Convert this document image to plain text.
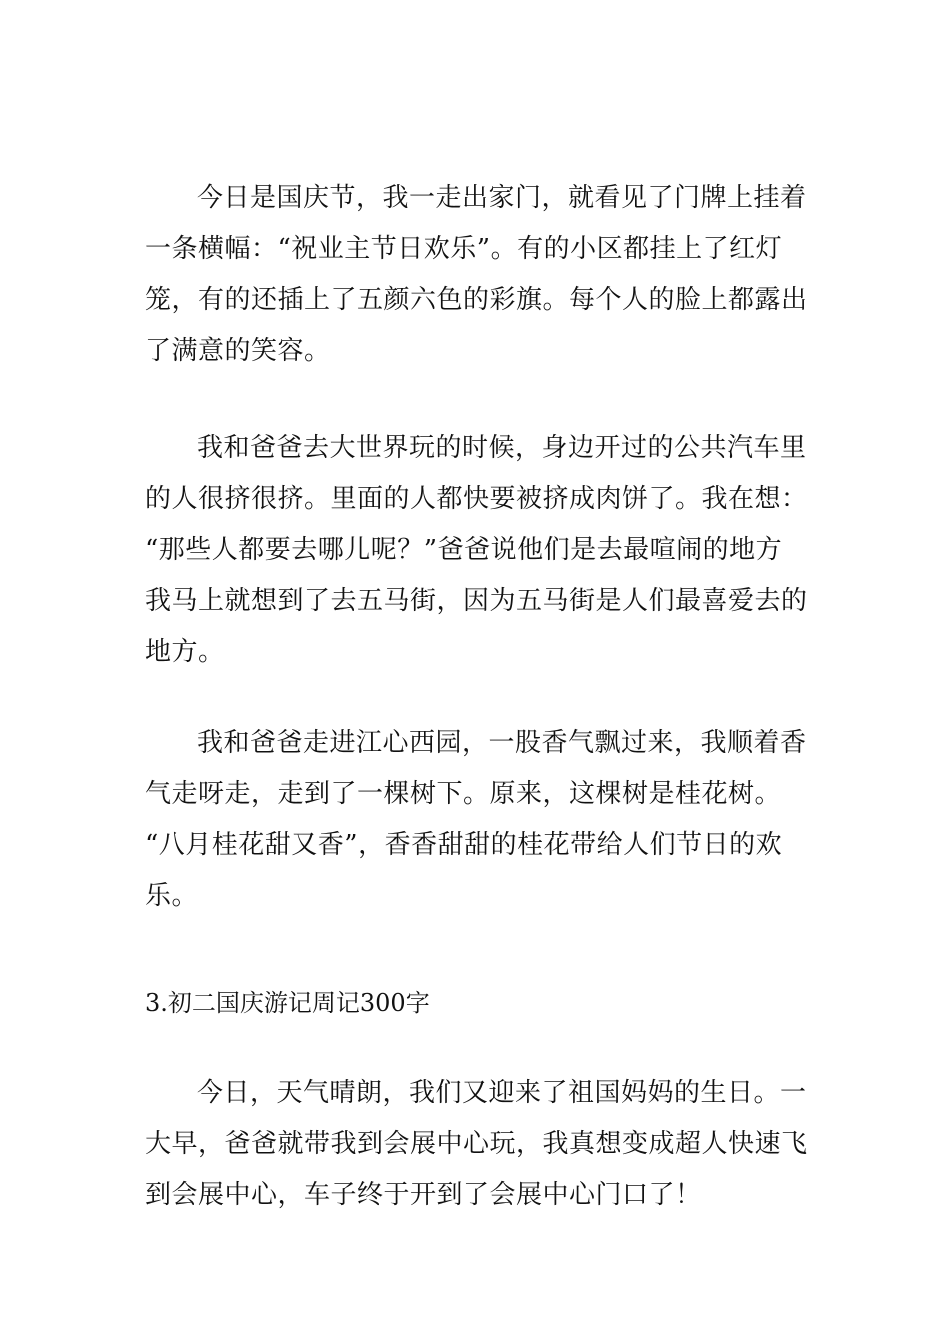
今日是国庆节，我一走出家门，就看见了门牌上挂着
一条横幅：“祝业主节日欢乐”。有的小区都挂上了红灯
笼，有的还插上了五颜六色的彩旗。每个人的脸上都露出
了满意的笑容。
我和爸爸去大世界玩的时候，身边开过的公共汽车里
的人很挤很挤。里面的人都快要被挤成肉饼了。我在想：
“那些人都要去哪儿呢？”爸爸说他们是去最喧闹的地方
我马上就想到了去五马街，因为五马街是人们最喜爱去的
地方。
我和爸爸走进江心西园，一股香气飘过来，我顺着香
气走呀走，走到了一棵树下。原来，这棵树是桂花树。
“八月桂花甜又香”，香香甜甜的桂花带给人们节日的欢
乐。
3.初二国庆游记周记300字
今日，天气晴朗，我们又迎来了祖国妈妈的生日。一
大早，爸爸就带我到会展中心玩，我真想变成超人快速飞
到会展中心，车子终于开到了会展中心门口了！
